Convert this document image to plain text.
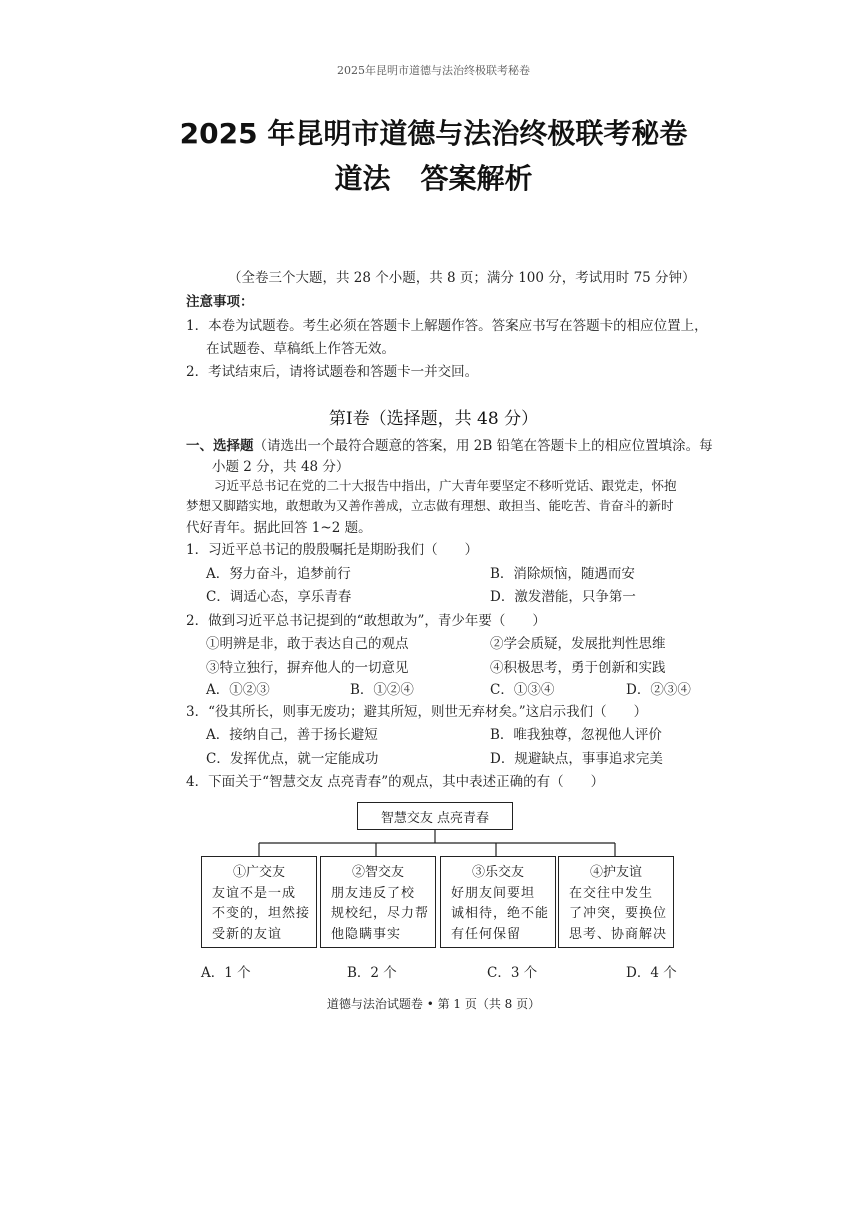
2025年昆明市道德与法治终极联考秘卷
2025 年昆明市道德与法治终极联考秘卷
道法 答案解析
（全卷三个大题，共 28 个小题，共 8 页；满分 100 分，考试用时 75 分钟）
注意事项：
1．本卷为试题卷。考生必须在答题卡上解题作答。答案应书写在答题卡的相应位置上，
在试题卷、草稿纸上作答无效。
2．考试结束后，请将试题卷和答题卡一并交回。
第Ⅰ卷（选择题，共 48 分）
一、选择题（请选出一个最符合题意的答案，用 2B 铅笔在答题卡上的相应位置填涂。每
小题 2 分，共 48 分）
习近平总书记在党的二十大报告中指出，广大青年要坚定不移听党话、跟党走，怀抱
梦想又脚踏实地，敢想敢为又善作善成，立志做有理想、敢担当、能吃苦、肯奋斗的新时
代好青年。据此回答 1~2 题。
1．习近平总书记的殷殷嘱托是期盼我们（　　）
A．努力奋斗，追梦前行	B．消除烦恼，随遇而安
C．调适心态，享乐青春	D．激发潜能，只争第一
2．做到习近平总书记提到的“敢想敢为”，青少年要（　　）
①明辨是非，敢于表达自己的观点	②学会质疑，发展批判性思维
③特立独行，摒弃他人的一切意见	④积极思考，勇于创新和实践
A．①②③	B．①②④	C．①③④	D．②③④
3．“役其所长，则事无废功；避其所短，则世无弃材矣。”这启示我们（　　）
A．接纳自己，善于扬长避短	B．唯我独尊，忽视他人评价
C．发挥优点，就一定能成功	D．规避缺点，事事追求完美
4．下面关于“智慧交友 点亮青春”的观点，其中表述正确的有（　　）
智慧交友 点亮青春
①广交友
友谊不是一成
不变的，坦然接
受新的友谊
②智交友
朋友违反了校
规校纪，尽力帮
他隐瞒事实
③乐交友
好朋友间要坦
诚相待，绝不能
有任何保留
④护友谊
在交往中发生
了冲突，要换位
思考、协商解决
A．1 个	B．2 个	C．3 个	D．4 个
道德与法治试题卷 • 第 1 页（共 8 页）
